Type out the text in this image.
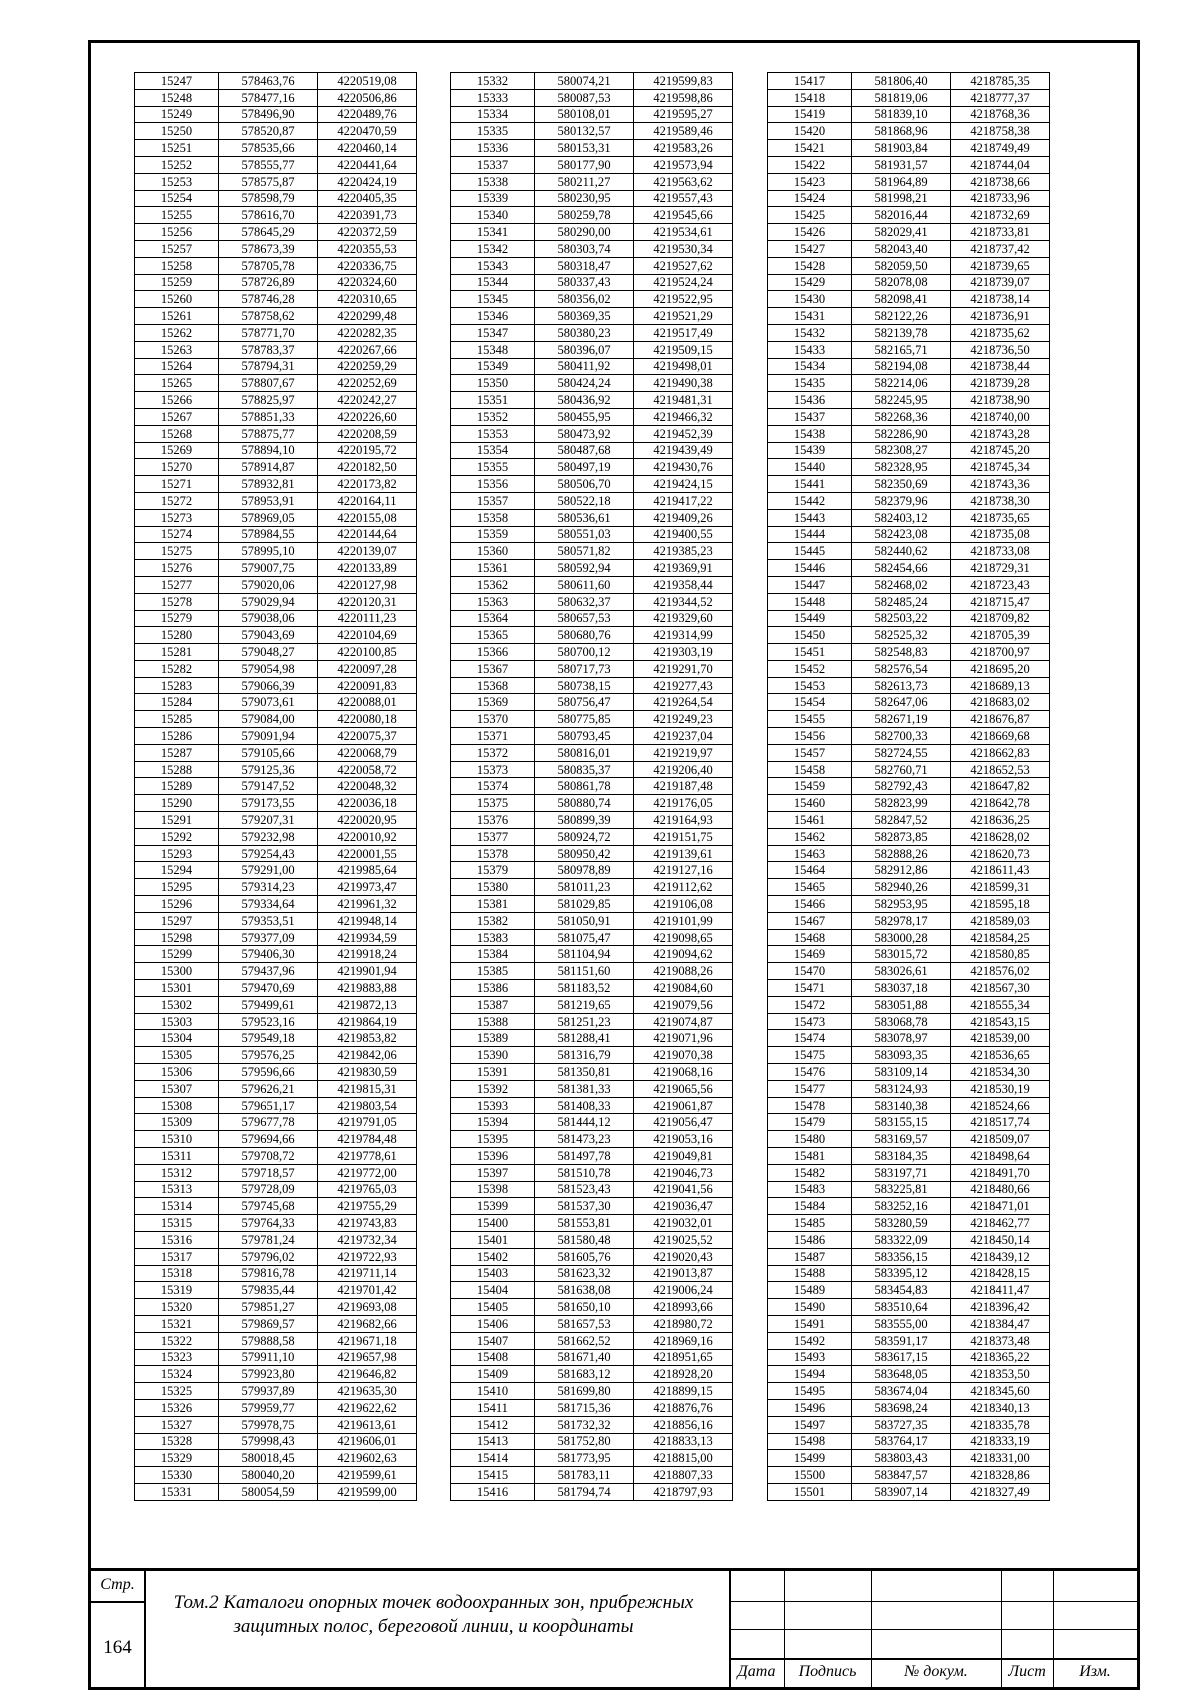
15247	578463,76	4220519,08
15248	578477,16	4220506,86
15249	578496,90	4220489,76
15250	578520,87	4220470,59
15251	578535,66	4220460,14
15252	578555,77	4220441,64
15253	578575,87	4220424,19
15254	578598,79	4220405,35
15255	578616,70	4220391,73
15256	578645,29	4220372,59
15257	578673,39	4220355,53
15258	578705,78	4220336,75
15259	578726,89	4220324,60
15260	578746,28	4220310,65
15261	578758,62	4220299,48
15262	578771,70	4220282,35
15263	578783,37	4220267,66
15264	578794,31	4220259,29
15265	578807,67	4220252,69
15266	578825,97	4220242,27
15267	578851,33	4220226,60
15268	578875,77	4220208,59
15269	578894,10	4220195,72
15270	578914,87	4220182,50
15271	578932,81	4220173,82
15272	578953,91	4220164,11
15273	578969,05	4220155,08
15274	578984,55	4220144,64
15275	578995,10	4220139,07
15276	579007,75	4220133,89
15277	579020,06	4220127,98
15278	579029,94	4220120,31
15279	579038,06	4220111,23
15280	579043,69	4220104,69
15281	579048,27	4220100,85
15282	579054,98	4220097,28
15283	579066,39	4220091,83
15284	579073,61	4220088,01
15285	579084,00	4220080,18
15286	579091,94	4220075,37
15287	579105,66	4220068,79
15288	579125,36	4220058,72
15289	579147,52	4220048,32
15290	579173,55	4220036,18
15291	579207,31	4220020,95
15292	579232,98	4220010,92
15293	579254,43	4220001,55
15294	579291,00	4219985,64
15295	579314,23	4219973,47
15296	579334,64	4219961,32
15297	579353,51	4219948,14
15298	579377,09	4219934,59
15299	579406,30	4219918,24
15300	579437,96	4219901,94
15301	579470,69	4219883,88
15302	579499,61	4219872,13
15303	579523,16	4219864,19
15304	579549,18	4219853,82
15305	579576,25	4219842,06
15306	579596,66	4219830,59
15307	579626,21	4219815,31
15308	579651,17	4219803,54
15309	579677,78	4219791,05
15310	579694,66	4219784,48
15311	579708,72	4219778,61
15312	579718,57	4219772,00
15313	579728,09	4219765,03
15314	579745,68	4219755,29
15315	579764,33	4219743,83
15316	579781,24	4219732,34
15317	579796,02	4219722,93
15318	579816,78	4219711,14
15319	579835,44	4219701,42
15320	579851,27	4219693,08
15321	579869,57	4219682,66
15322	579888,58	4219671,18
15323	579911,10	4219657,98
15324	579923,80	4219646,82
15325	579937,89	4219635,30
15326	579959,77	4219622,62
15327	579978,75	4219613,61
15328	579998,43	4219606,01
15329	580018,45	4219602,63
15330	580040,20	4219599,61
15331	580054,59	4219599,00
15332	580074,21	4219599,83
15333	580087,53	4219598,86
15334	580108,01	4219595,27
15335	580132,57	4219589,46
15336	580153,31	4219583,26
15337	580177,90	4219573,94
15338	580211,27	4219563,62
15339	580230,95	4219557,43
15340	580259,78	4219545,66
15341	580290,00	4219534,61
15342	580303,74	4219530,34
15343	580318,47	4219527,62
15344	580337,43	4219524,24
15345	580356,02	4219522,95
15346	580369,35	4219521,29
15347	580380,23	4219517,49
15348	580396,07	4219509,15
15349	580411,92	4219498,01
15350	580424,24	4219490,38
15351	580436,92	4219481,31
15352	580455,95	4219466,32
15353	580473,92	4219452,39
15354	580487,68	4219439,49
15355	580497,19	4219430,76
15356	580506,70	4219424,15
15357	580522,18	4219417,22
15358	580536,61	4219409,26
15359	580551,03	4219400,55
15360	580571,82	4219385,23
15361	580592,94	4219369,91
15362	580611,60	4219358,44
15363	580632,37	4219344,52
15364	580657,53	4219329,60
15365	580680,76	4219314,99
15366	580700,12	4219303,19
15367	580717,73	4219291,70
15368	580738,15	4219277,43
15369	580756,47	4219264,54
15370	580775,85	4219249,23
15371	580793,45	4219237,04
15372	580816,01	4219219,97
15373	580835,37	4219206,40
15374	580861,78	4219187,48
15375	580880,74	4219176,05
15376	580899,39	4219164,93
15377	580924,72	4219151,75
15378	580950,42	4219139,61
15379	580978,89	4219127,16
15380	581011,23	4219112,62
15381	581029,85	4219106,08
15382	581050,91	4219101,99
15383	581075,47	4219098,65
15384	581104,94	4219094,62
15385	581151,60	4219088,26
15386	581183,52	4219084,60
15387	581219,65	4219079,56
15388	581251,23	4219074,87
15389	581288,41	4219071,96
15390	581316,79	4219070,38
15391	581350,81	4219068,16
15392	581381,33	4219065,56
15393	581408,33	4219061,87
15394	581444,12	4219056,47
15395	581473,23	4219053,16
15396	581497,78	4219049,81
15397	581510,78	4219046,73
15398	581523,43	4219041,56
15399	581537,30	4219036,47
15400	581553,81	4219032,01
15401	581580,48	4219025,52
15402	581605,76	4219020,43
15403	581623,32	4219013,87
15404	581638,08	4219006,24
15405	581650,10	4218993,66
15406	581657,53	4218980,72
15407	581662,52	4218969,16
15408	581671,40	4218951,65
15409	581683,12	4218928,20
15410	581699,80	4218899,15
15411	581715,36	4218876,76
15412	581732,32	4218856,16
15413	581752,80	4218833,13
15414	581773,95	4218815,00
15415	581783,11	4218807,33
15416	581794,74	4218797,93
15417	581806,40	4218785,35
15418	581819,06	4218777,37
15419	581839,10	4218768,36
15420	581868,96	4218758,38
15421	581903,84	4218749,49
15422	581931,57	4218744,04
15423	581964,89	4218738,66
15424	581998,21	4218733,96
15425	582016,44	4218732,69
15426	582029,41	4218733,81
15427	582043,40	4218737,42
15428	582059,50	4218739,65
15429	582078,08	4218739,07
15430	582098,41	4218738,14
15431	582122,26	4218736,91
15432	582139,78	4218735,62
15433	582165,71	4218736,50
15434	582194,08	4218738,44
15435	582214,06	4218739,28
15436	582245,95	4218738,90
15437	582268,36	4218740,00
15438	582286,90	4218743,28
15439	582308,27	4218745,20
15440	582328,95	4218745,34
15441	582350,69	4218743,36
15442	582379,96	4218738,30
15443	582403,12	4218735,65
15444	582423,08	4218735,08
15445	582440,62	4218733,08
15446	582454,66	4218729,31
15447	582468,02	4218723,43
15448	582485,24	4218715,47
15449	582503,22	4218709,82
15450	582525,32	4218705,39
15451	582548,83	4218700,97
15452	582576,54	4218695,20
15453	582613,73	4218689,13
15454	582647,06	4218683,02
15455	582671,19	4218676,87
15456	582700,33	4218669,68
15457	582724,55	4218662,83
15458	582760,71	4218652,53
15459	582792,43	4218647,82
15460	582823,99	4218642,78
15461	582847,52	4218636,25
15462	582873,85	4218628,02
15463	582888,26	4218620,73
15464	582912,86	4218611,43
15465	582940,26	4218599,31
15466	582953,95	4218595,18
15467	582978,17	4218589,03
15468	583000,28	4218584,25
15469	583015,72	4218580,85
15470	583026,61	4218576,02
15471	583037,18	4218567,30
15472	583051,88	4218555,34
15473	583068,78	4218543,15
15474	583078,97	4218539,00
15475	583093,35	4218536,65
15476	583109,14	4218534,30
15477	583124,93	4218530,19
15478	583140,38	4218524,66
15479	583155,15	4218517,74
15480	583169,57	4218509,07
15481	583184,35	4218498,64
15482	583197,71	4218491,70
15483	583225,81	4218480,66
15484	583252,16	4218471,01
15485	583280,59	4218462,77
15486	583322,09	4218450,14
15487	583356,15	4218439,12
15488	583395,12	4218428,15
15489	583454,83	4218411,47
15490	583510,64	4218396,42
15491	583555,00	4218384,47
15492	583591,17	4218373,48
15493	583617,15	4218365,22
15494	583648,05	4218353,50
15495	583674,04	4218345,60
15496	583698,24	4218340,13
15497	583727,35	4218335,78
15498	583764,17	4218333,19
15499	583803,43	4218331,00
15500	583847,57	4218328,86
15501	583907,14	4218327,49
Стр.
164
Том.2 Каталоги опорных точек водоохранных зон, прибрежных защитных полос, береговой линии, и координаты
Дата	Подпись	№ докум.	Лист	Изм.
